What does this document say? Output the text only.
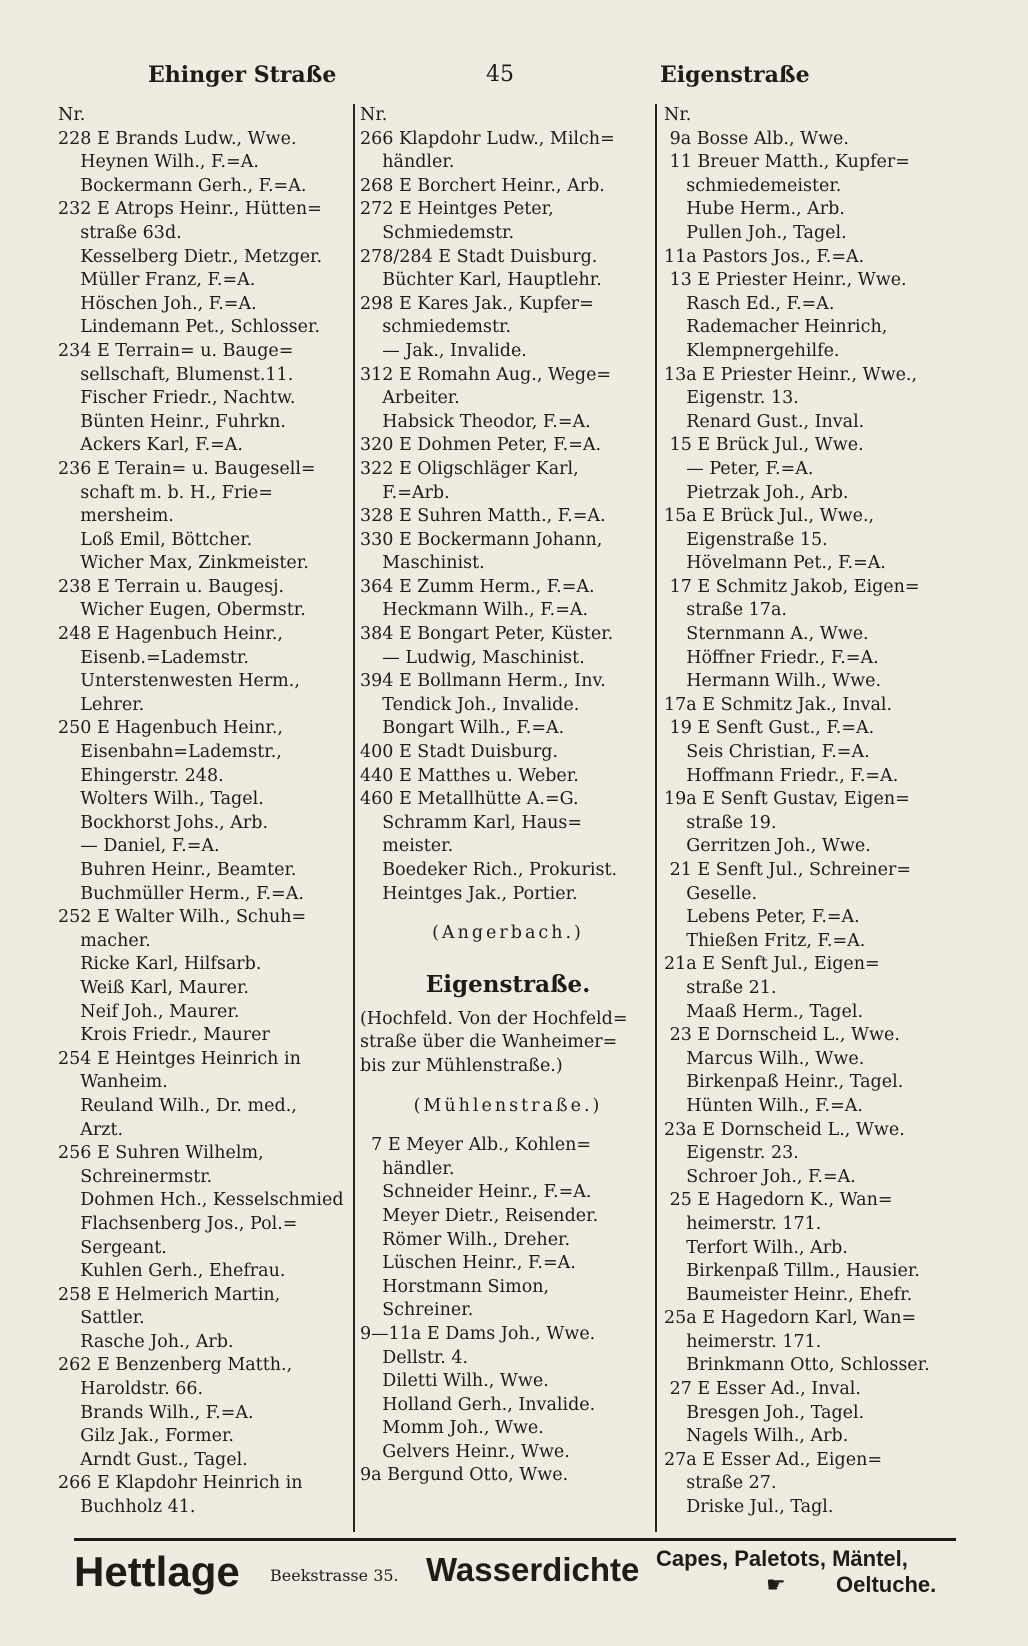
Ehinger Straße	45	Eigenstraße
Nr.
228 E Brands Ludw., Wwe.
Heynen Wilh., F.=A.
Bockermann Gerh., F.=A.
232 E Atrops Heinr., Hütten=
straße 63d.
Kesselberg Dietr., Metzger.
Müller Franz, F.=A.
Höschen Joh., F.=A.
Lindemann Pet., Schlosser.
234 E Terrain= u. Bauge=
sellschaft, Blumenst.11.
Fischer Friedr., Nachtw.
Bünten Heinr., Fuhrkn.
Ackers Karl, F.=A.
236 E Terain= u. Baugesell=
schaft m. b. H., Frie=
mersheim.
Loß Emil, Böttcher.
Wicher Max, Zinkmeister.
238 E Terrain u. Baugesj.
Wicher Eugen, Obermstr.
248 E Hagenbuch Heinr.,
Eisenb.=Lademstr.
Unterstenwesten Herm.,
Lehrer.
250 E Hagenbuch Heinr.,
Eisenbahn=Lademstr.,
Ehingerstr. 248.
Wolters Wilh., Tagel.
Bockhorst Johs., Arb.
— Daniel, F.=A.
Buhren Heinr., Beamter.
Buchmüller Herm., F.=A.
252 E Walter Wilh., Schuh=
macher.
Ricke Karl, Hilfsarb.
Weiß Karl, Maurer.
Neif Joh., Maurer.
Krois Friedr., Maurer
254 E Heintges Heinrich in
Wanheim.
Reuland Wilh., Dr. med.,
Arzt.
256 E Suhren Wilhelm,
Schreinermstr.
Dohmen Hch., Kesselschmied
Flachsenberg Jos., Pol.=
Sergeant.
Kuhlen Gerh., Ehefrau.
258 E Helmerich Martin,
Sattler.
Rasche Joh., Arb.
262 E Benzenberg Matth.,
Haroldstr. 66.
Brands Wilh., F.=A.
Gilz Jak., Former.
Arndt Gust., Tagel.
266 E Klapdohr Heinrich in
Buchholz 41.
Nr.
266 Klapdohr Ludw., Milch=
händler.
268 E Borchert Heinr., Arb.
272 E Heintges Peter,
Schmiedemstr.
278/284 E Stadt Duisburg.
Büchter Karl, Hauptlehr.
298 E Kares Jak., Kupfer=
schmiedemstr.
— Jak., Invalide.
312 E Romahn Aug., Wege=
Arbeiter.
Habsick Theodor, F.=A.
320 E Dohmen Peter, F.=A.
322 E Oligschläger Karl,
F.=Arb.
328 E Suhren Matth., F.=A.
330 E Bockermann Johann,
Maschinist.
364 E Zumm Herm., F.=A.
Heckmann Wilh., F.=A.
384 E Bongart Peter, Küster.
— Ludwig, Maschinist.
394 E Bollmann Herm., Inv.
Tendick Joh., Invalide.
Bongart Wilh., F.=A.
400 E Stadt Duisburg.
440 E Matthes u. Weber.
460 E Metallhütte A.=G.
Schramm Karl, Haus=
meister.
Boedeker Rich., Prokurist.
Heintges Jak., Portier.
(Angerbach.)
Eigenstraße.
(Hochfeld. Von der Hochfeld=
straße über die Wanheimer=
bis zur Mühlenstraße.)
(Mühlenstraße.)
7 E Meyer Alb., Kohlen=
händler.
Schneider Heinr., F.=A.
Meyer Dietr., Reisender.
Römer Wilh., Dreher.
Lüschen Heinr., F.=A.
Horstmann Simon,
Schreiner.
9—11a E Dams Joh., Wwe.
Dellstr. 4.
Diletti Wilh., Wwe.
Holland Gerh., Invalide.
Momm Joh., Wwe.
Gelvers Heinr., Wwe.
9a Bergund Otto, Wwe.
Nr.
9a Bosse Alb., Wwe.
11 Breuer Matth., Kupfer=
schmiedemeister.
Hube Herm., Arb.
Pullen Joh., Tagel.
11a Pastors Jos., F.=A.
13 E Priester Heinr., Wwe.
Rasch Ed., F.=A.
Rademacher Heinrich,
Klempnergehilfe.
13a E Priester Heinr., Wwe.,
Eigenstr. 13.
Renard Gust., Inval.
15 E Brück Jul., Wwe.
— Peter, F.=A.
Pietrzak Joh., Arb.
15a E Brück Jul., Wwe.,
Eigenstraße 15.
Hövelmann Pet., F.=A.
17 E Schmitz Jakob, Eigen=
straße 17a.
Sternmann A., Wwe.
Höffner Friedr., F.=A.
Hermann Wilh., Wwe.
17a E Schmitz Jak., Inval.
19 E Senft Gust., F.=A.
Seis Christian, F.=A.
Hoffmann Friedr., F.=A.
19a E Senft Gustav, Eigen=
straße 19.
Gerritzen Joh., Wwe.
21 E Senft Jul., Schreiner=
Geselle.
Lebens Peter, F.=A.
Thießen Fritz, F.=A.
21a E Senft Jul., Eigen=
straße 21.
Maaß Herm., Tagel.
23 E Dornscheid L., Wwe.
Marcus Wilh., Wwe.
Birkenpaß Heinr., Tagel.
Hünten Wilh., F.=A.
23a E Dornscheid L., Wwe.
Eigenstr. 23.
Schroer Joh., F.=A.
25 E Hagedorn K., Wan=
heimerstr. 171.
Terfort Wilh., Arb.
Birkenpaß Tillm., Hausier.
Baumeister Heinr., Ehefr.
25a E Hagedorn Karl, Wan=
heimerstr. 171.
Brinkmann Otto, Schlosser.
27 E Esser Ad., Inval.
Bresgen Joh., Tagel.
Nagels Wilh., Arb.
27a E Esser Ad., Eigen=
straße 27.
Driske Jul., Tagl.
Hettlage Beekstrasse 35. Wasserdichte Capes, Paletots, Mäntel,
☛ Oeltuche.
